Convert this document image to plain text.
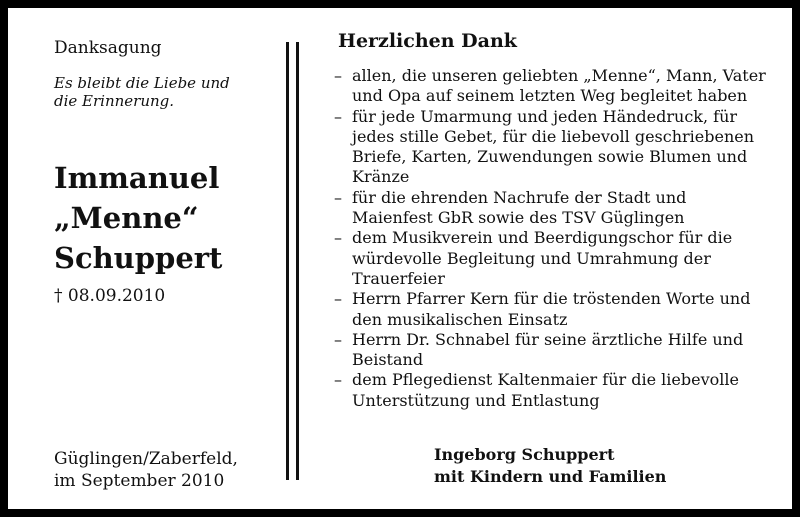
Danksagung
Es bleibt die Liebe und
die Erinnerung.
Immanuel
„Menne“
Schuppert
† 08.09.2010
Güglingen/Zaberfeld,
im September 2010
Herzlichen Dank
– allen, die unseren geliebten „Menne“, Mann, Vater und Opa auf seinem letzten Weg begleitet haben
– für jede Umarmung und jeden Händedruck, für jedes stille Gebet, für die liebevoll geschriebenen Briefe, Karten, Zuwendungen sowie Blumen und Kränze
– für die ehrenden Nachrufe der Stadt und Maienfest GbR sowie des TSV Güglingen
– dem Musikverein und Beerdigungschor für die würdevolle Begleitung und Umrahmung der Trauerfeier
– Herrn Pfarrer Kern für die tröstenden Worte und den musikalischen Einsatz
– Herrn Dr. Schnabel für seine ärztliche Hilfe und Beistand
– dem Pflegedienst Kaltenmaier für die liebevolle Unterstützung und Entlastung
Ingeborg Schuppert
mit Kindern und Familien
